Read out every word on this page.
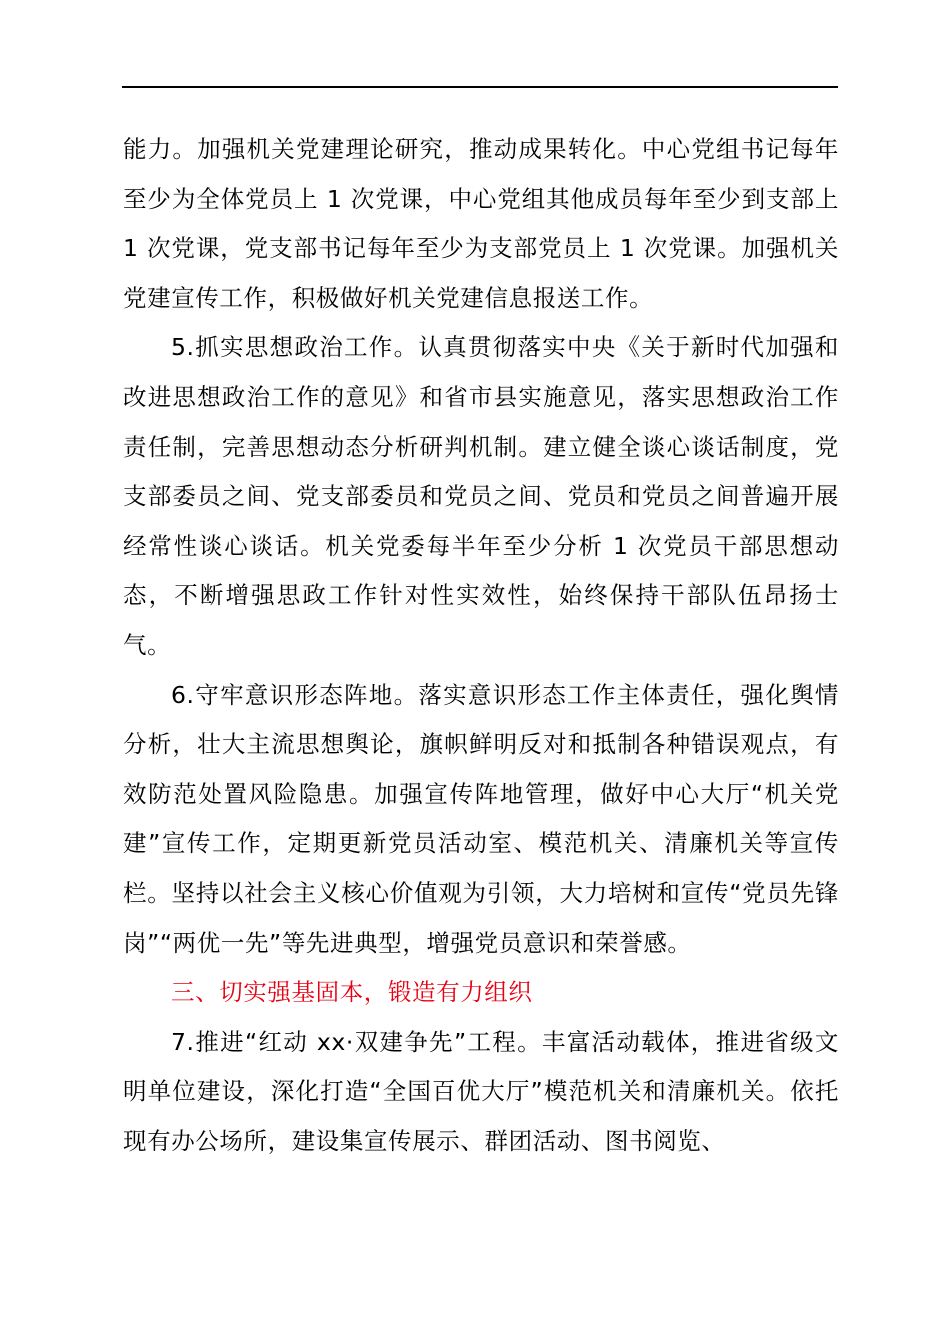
能力。加强机关党建理论研究，推动成果转化。中心党组书记每年至少为全体党员上 1 次党课，中心党组其他成员每年至少到支部上 1 次党课，党支部书记每年至少为支部党员上 1 次党课。加强机关党建宣传工作，积极做好机关党建信息报送工作。

5.抓实思想政治工作。认真贯彻落实中央《关于新时代加强和改进思想政治工作的意见》和省市县实施意见，落实思想政治工作责任制，完善思想动态分析研判机制。建立健全谈心谈话制度，党支部委员之间、党支部委员和党员之间、党员和党员之间普遍开展经常性谈心谈话。机关党委每半年至少分析 1 次党员干部思想动态，不断增强思政工作针对性实效性，始终保持干部队伍昂扬士气。

6.守牢意识形态阵地。落实意识形态工作主体责任，强化舆情分析，壮大主流思想舆论，旗帜鲜明反对和抵制各种错误观点，有效防范处置风险隐患。加强宣传阵地管理，做好中心大厅“机关党建”宣传工作，定期更新党员活动室、模范机关、清廉机关等宣传栏。坚持以社会主义核心价值观为引领，大力培树和宣传“党员先锋岗”“两优一先”等先进典型，增强党员意识和荣誉感。

三、切实强基固本，锻造有力组织

7.推进“红动 xx·双建争先”工程。丰富活动载体，推进省级文明单位建设，深化打造“全国百优大厅”模范机关和清廉机关。依托现有办公场所，建设集宣传展示、群团活动、图书阅览、
